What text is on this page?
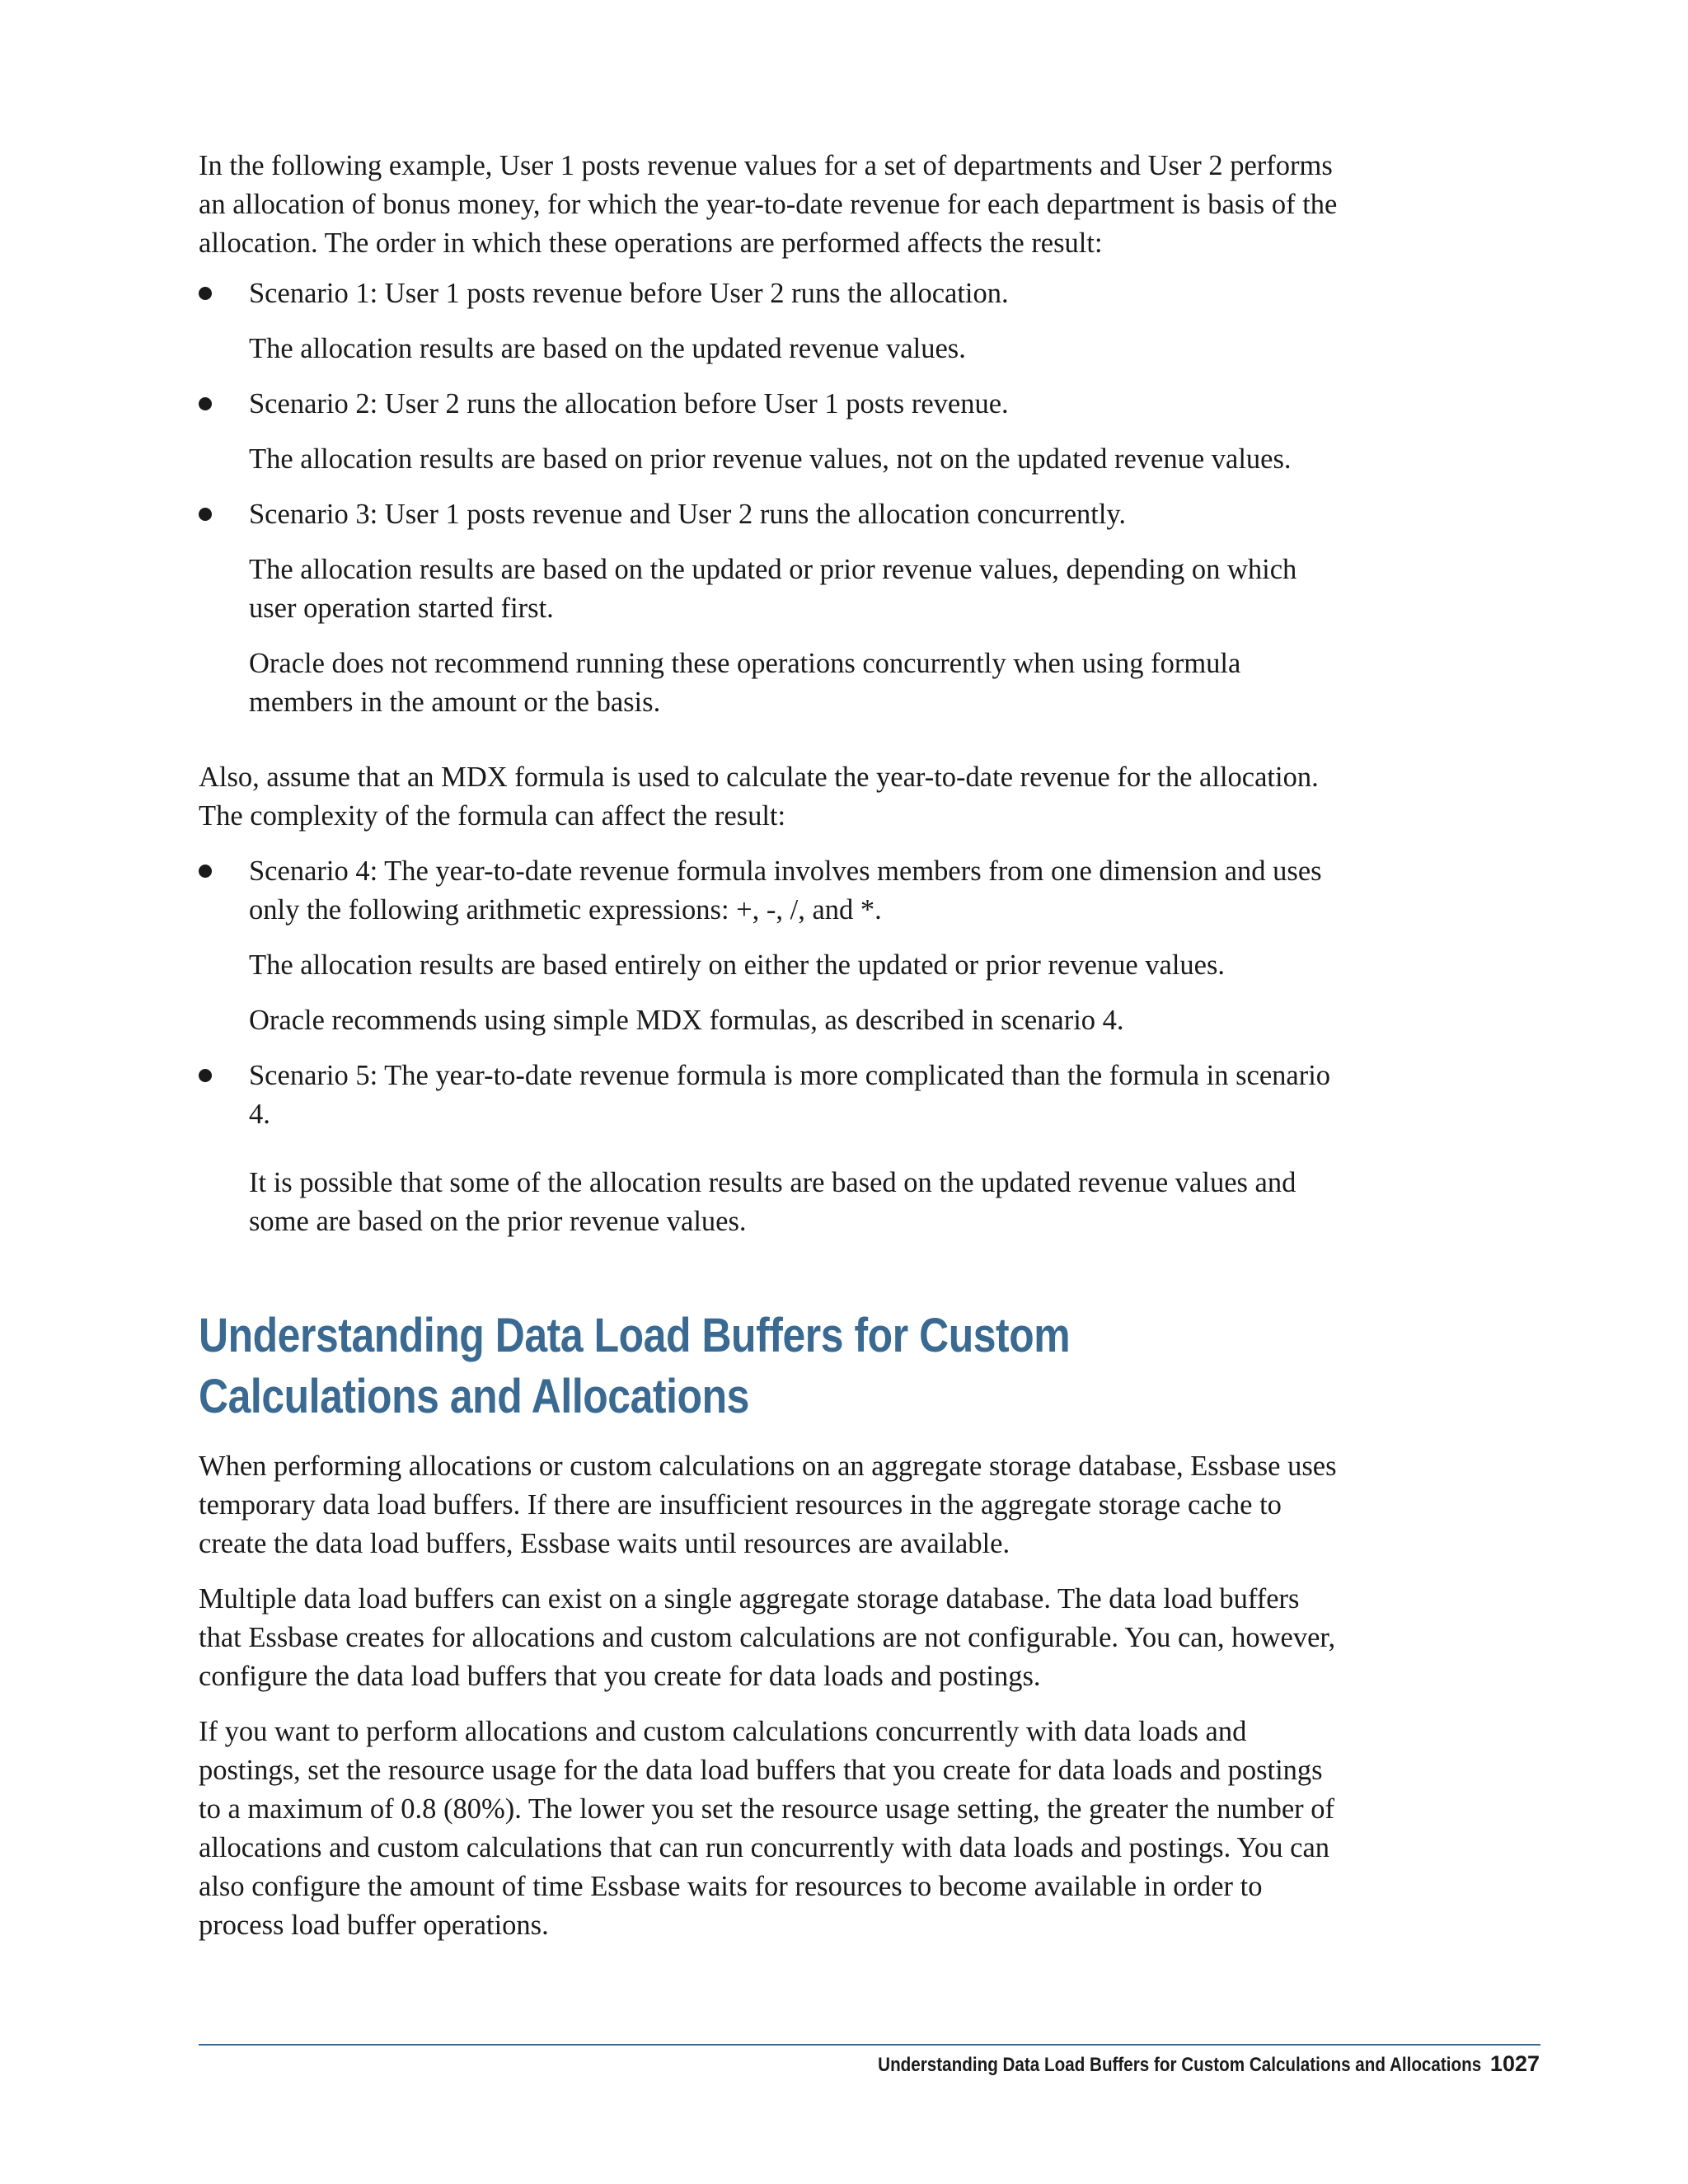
In the following example, User 1 posts revenue values for a set of departments and User 2 performs an allocation of bonus money, for which the year-to-date revenue for each department is basis of the allocation. The order in which these operations are performed affects the result:

Scenario 1: User 1 posts revenue before User 2 runs the allocation.

The allocation results are based on the updated revenue values.

Scenario 2: User 2 runs the allocation before User 1 posts revenue.

The allocation results are based on prior revenue values, not on the updated revenue values.

Scenario 3: User 1 posts revenue and User 2 runs the allocation concurrently.

The allocation results are based on the updated or prior revenue values, depending on which user operation started first.

Oracle does not recommend running these operations concurrently when using formula members in the amount or the basis.

Also, assume that an MDX formula is used to calculate the year-to-date revenue for the allocation. The complexity of the formula can affect the result:

Scenario 4: The year-to-date revenue formula involves members from one dimension and uses only the following arithmetic expressions: +, -, /, and *.

The allocation results are based entirely on either the updated or prior revenue values.

Oracle recommends using simple MDX formulas, as described in scenario 4.

Scenario 5: The year-to-date revenue formula is more complicated than the formula in scenario 4.

It is possible that some of the allocation results are based on the updated revenue values and some are based on the prior revenue values.

Understanding Data Load Buffers for Custom
Calculations and Allocations

When performing allocations or custom calculations on an aggregate storage database, Essbase uses temporary data load buffers. If there are insufficient resources in the aggregate storage cache to create the data load buffers, Essbase waits until resources are available.

Multiple data load buffers can exist on a single aggregate storage database. The data load buffers that Essbase creates for allocations and custom calculations are not configurable. You can, however, configure the data load buffers that you create for data loads and postings.

If you want to perform allocations and custom calculations concurrently with data loads and postings, set the resource usage for the data load buffers that you create for data loads and postings to a maximum of 0.8 (80%). The lower you set the resource usage setting, the greater the number of allocations and custom calculations that can run concurrently with data loads and postings. You can also configure the amount of time Essbase waits for resources to become available in order to process load buffer operations.

Understanding Data Load Buffers for Custom Calculations and Allocations 1027
